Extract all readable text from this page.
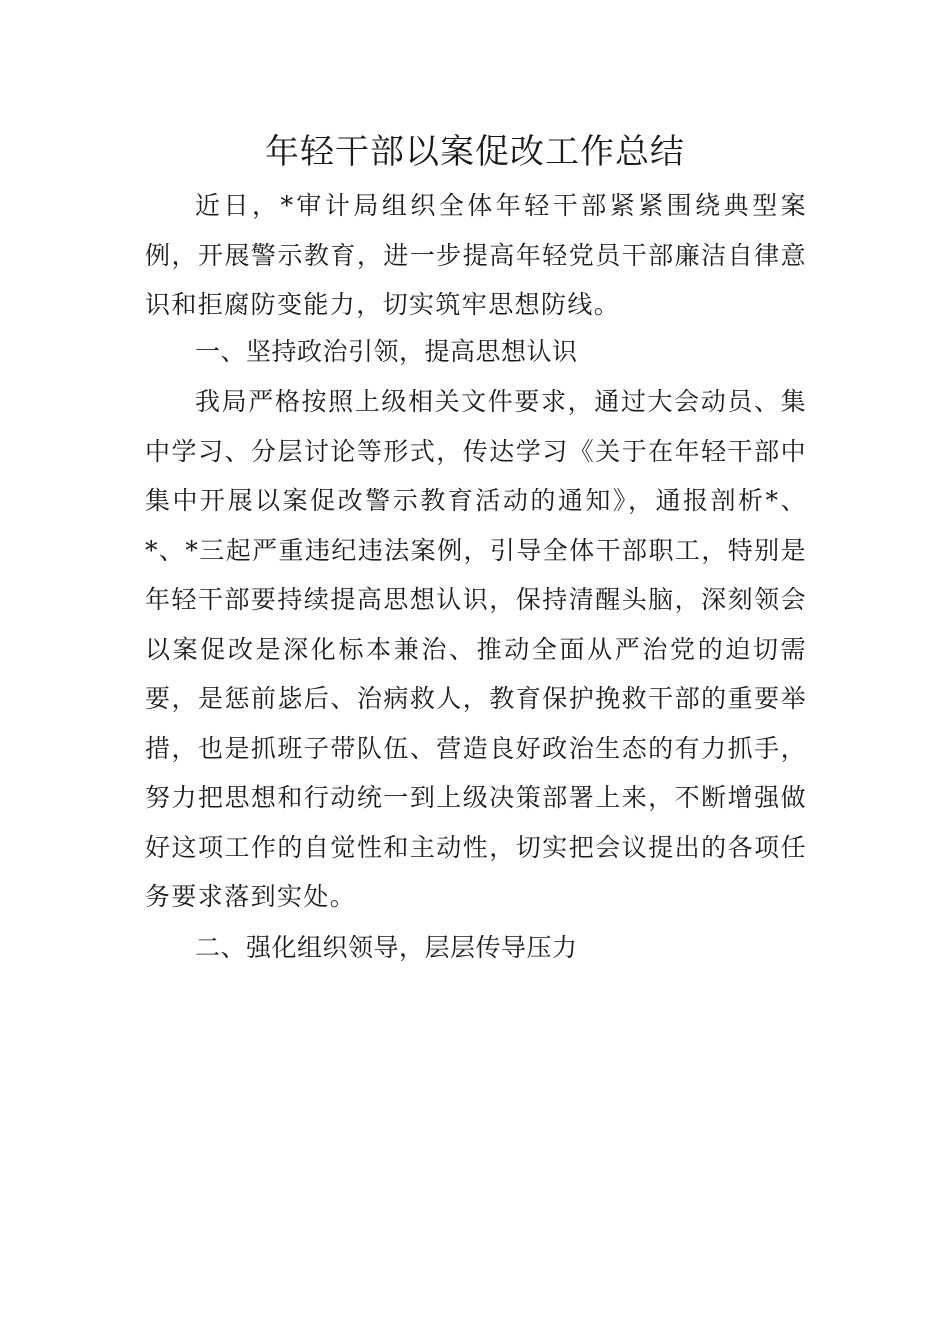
年轻干部以案促改工作总结

近日，*审计局组织全体年轻干部紧紧围绕典型案例，开展警示教育，进一步提高年轻党员干部廉洁自律意识和拒腐防变能力，切实筑牢思想防线。

一、坚持政治引领，提高思想认识

我局严格按照上级相关文件要求，通过大会动员、集中学习、分层讨论等形式，传达学习《关于在年轻干部中集中开展以案促改警示教育活动的通知》，通报剖析*、*、*三起严重违纪违法案例，引导全体干部职工，特别是年轻干部要持续提高思想认识，保持清醒头脑，深刻领会以案促改是深化标本兼治、推动全面从严治党的迫切需要，是惩前毖后、治病救人，教育保护挽救干部的重要举措，也是抓班子带队伍、营造良好政治生态的有力抓手，努力把思想和行动统一到上级决策部署上来，不断增强做好这项工作的自觉性和主动性，切实把会议提出的各项任务要求落到实处。

二、强化组织领导，层层传导压力
